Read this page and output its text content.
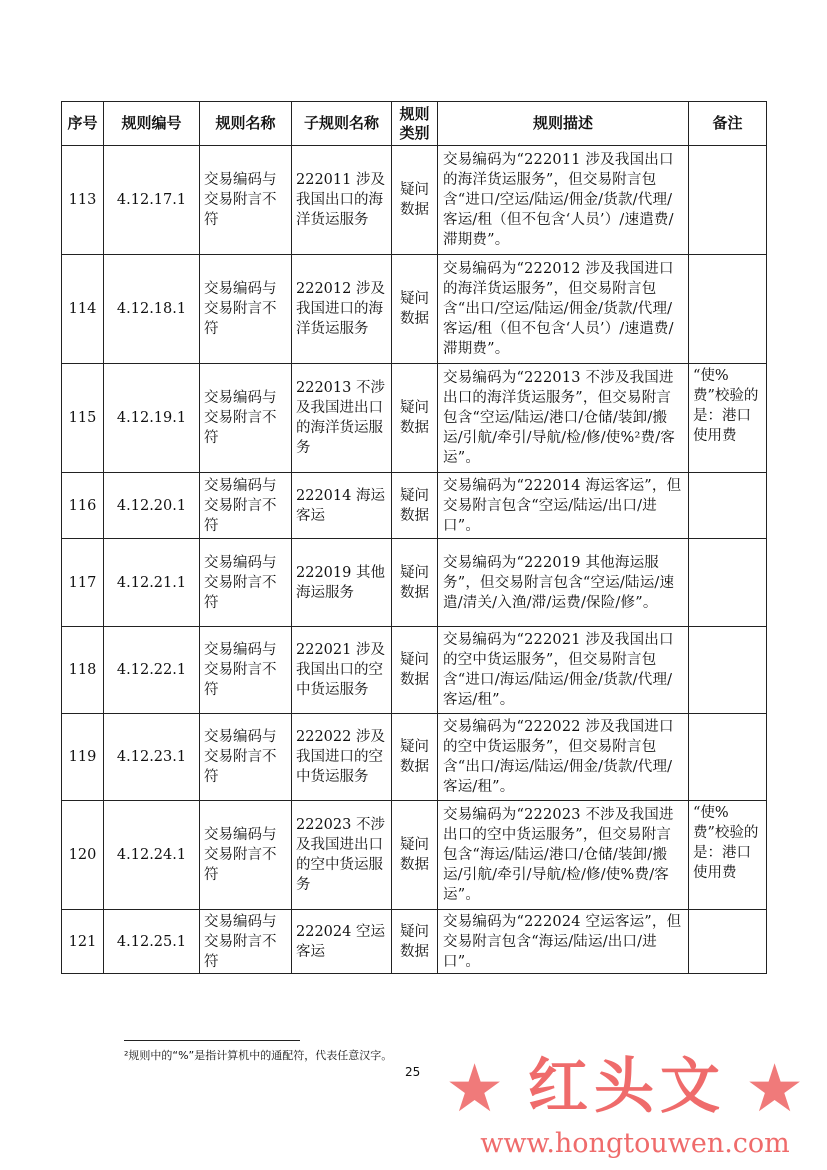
序号	规则编号	规则名称	子规则名称	规则类别	规则描述	备注
113	4.12.17.1	交易编码与交易附言不符	222011 涉及我国出口的海洋货运服务	疑问数据	交易编码为“222011 涉及我国出口的海洋货运服务”，但交易附言包含“进口/空运/陆运/佣金/货款/代理/客运/租（但不包含‘人员’）/速遣费/滞期费”。	
114	4.12.18.1	交易编码与交易附言不符	222012 涉及我国进口的海洋货运服务	疑问数据	交易编码为“222012 涉及我国进口的海洋货运服务”，但交易附言包含“出口/空运/陆运/佣金/货款/代理/客运/租（但不包含‘人员’）/速遣费/滞期费”。	
115	4.12.19.1	交易编码与交易附言不符	222013 不涉及我国进出口的海洋货运服务	疑问数据	交易编码为“222013 不涉及我国进出口的海洋货运服务”，但交易附言包含“空运/陆运/港口/仓储/装卸/搬运/引航/牵引/导航/检/修/使%²费/客运”。	“使%费”校验的是：港口使用费
116	4.12.20.1	交易编码与交易附言不符	222014 海运客运	疑问数据	交易编码为“222014 海运客运”，但交易附言包含“空运/陆运/出口/进口”。	
117	4.12.21.1	交易编码与交易附言不符	222019 其他海运服务	疑问数据	交易编码为“222019 其他海运服务”，但交易附言包含“空运/陆运/速遣/清关/入渔/滞/运费/保险/修”。	
118	4.12.22.1	交易编码与交易附言不符	222021 涉及我国出口的空中货运服务	疑问数据	交易编码为“222021 涉及我国出口的空中货运服务”，但交易附言包含“进口/海运/陆运/佣金/货款/代理/客运/租”。	
119	4.12.23.1	交易编码与交易附言不符	222022 涉及我国进口的空中货运服务	疑问数据	交易编码为“222022 涉及我国进口的空中货运服务”，但交易附言包含“出口/海运/陆运/佣金/货款/代理/客运/租”。	
120	4.12.24.1	交易编码与交易附言不符	222023 不涉及我国进出口的空中货运服务	疑问数据	交易编码为“222023 不涉及我国进出口的空中货运服务”，但交易附言包含“海运/陆运/港口/仓储/装卸/搬运/引航/牵引/导航/检/修/使%费/客运”。	“使%费”校验的是：港口使用费
121	4.12.25.1	交易编码与交易附言不符	222024 空运客运	疑问数据	交易编码为“222024 空运客运”，但交易附言包含“海运/陆运/出口/进口”。	
²规则中的“%”是指计算机中的通配符，代表任意汉字。
25 ★ 红头文 ★
www.hongtouwen.com
